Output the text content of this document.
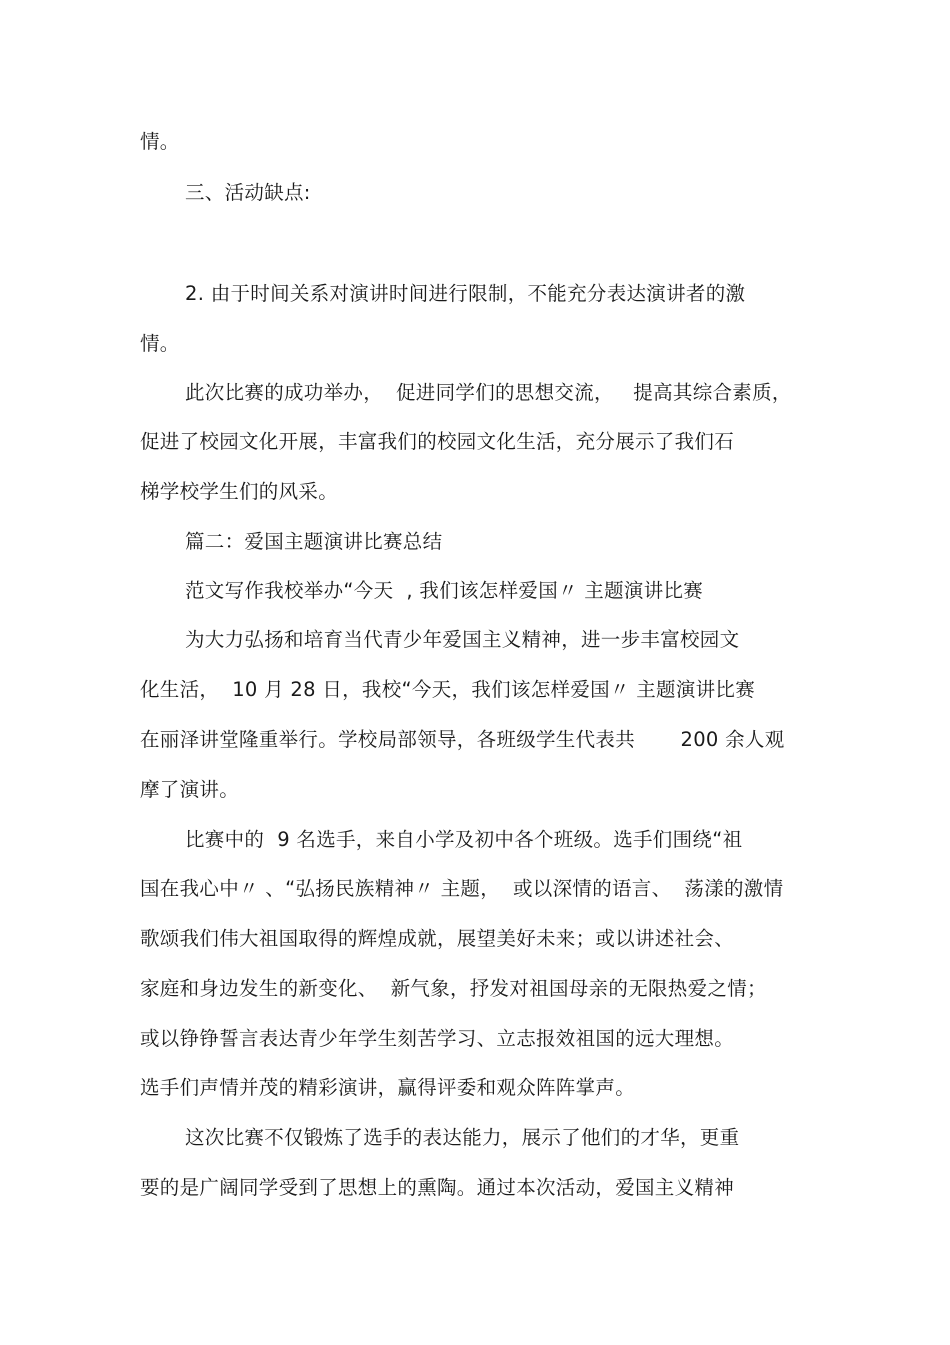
情。
三、活动缺点:
2. 由于时间关系对演讲时间进行限制，不能充分表达演讲者的激
情。
此次比赛的成功举办，  促进同学们的思想交流，   提高其综合素质，
促进了校园文化开展，丰富我们的校园文化生活，充分展示了我们石
梯学校学生们的风采。
篇二：爱国主题演讲比赛总结
范文写作我校举办“今天  , 我们该怎样爱国〃 主题演讲比赛
为大力弘扬和培育当代青少年爱国主义精神，进一步丰富校园文
化生活，  10 月 28 日，我校“今天，我们该怎样爱国〃 主题演讲比赛
在丽泽讲堂隆重举行。学校局部领导，各班级学生代表共       200 余人观
摩了演讲。
比赛中的  9 名选手，来自小学及初中各个班级。选手们围绕“祖
国在我心中〃 、“弘扬民族精神〃 主题，  或以深情的语言、  荡漾的激情
歌颂我们伟大祖国取得的辉煌成就，展望美好未来；或以讲述社会、
家庭和身边发生的新变化、  新气象，抒发对祖国母亲的无限热爱之情；
或以铮铮誓言表达青少年学生刻苦学习、立志报效祖国的远大理想。
选手们声情并茂的精彩演讲，赢得评委和观众阵阵掌声。
这次比赛不仅锻炼了选手的表达能力，展示了他们的才华，更重
要的是广阔同学受到了思想上的熏陶。通过本次活动，爱国主义精神
